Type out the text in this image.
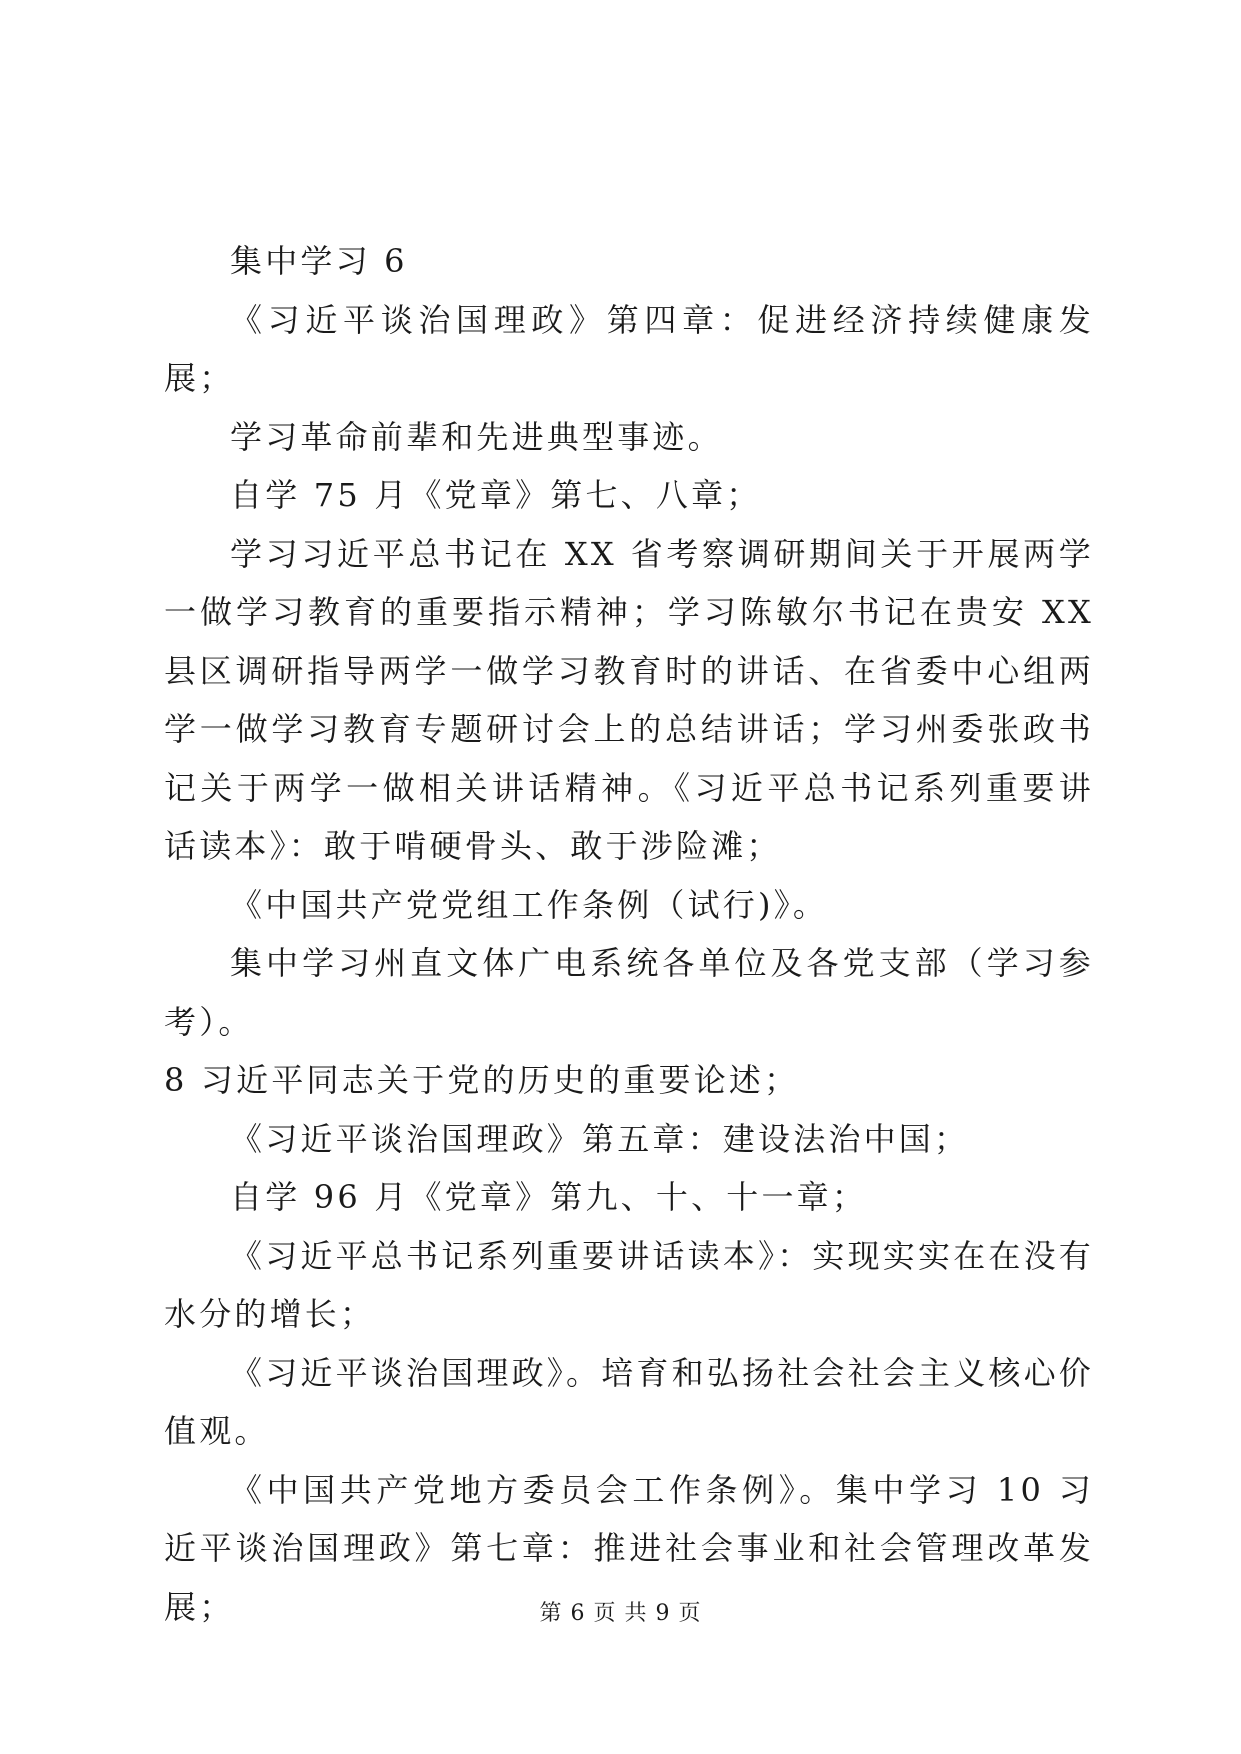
集中学习 6

《习近平谈治国理政》第四章：促进经济持续健康发展；

学习革命前辈和先进典型事迹。

自学 75 月《党章》第七、八章；

学习习近平总书记在 XX 省考察调研期间关于开展两学一做学习教育的重要指示精神；学习陈敏尔书记在贵安 XX 县区调研指导两学一做学习教育时的讲话、在省委中心组两学一做学习教育专题研讨会上的总结讲话；学习州委张政书记关于两学一做相关讲话精神。《习近平总书记系列重要讲话读本》：敢于啃硬骨头、敢于涉险滩；

《中国共产党党组工作条例（试行)》。

集中学习州直文体广电系统各单位及各党支部（学习参考）。

8 习近平同志关于党的历史的重要论述；

《习近平谈治国理政》第五章：建设法治中国；

自学 96 月《党章》第九、十、十一章；

《习近平总书记系列重要讲话读本》：实现实实在在没有水分的增长；

《习近平谈治国理政》。培育和弘扬社会社会主义核心价值观。

《中国共产党地方委员会工作条例》。集中学习 10 习近平谈治国理政》第七章：推进社会事业和社会管理改革发展；	第 6 页 共 9 页
